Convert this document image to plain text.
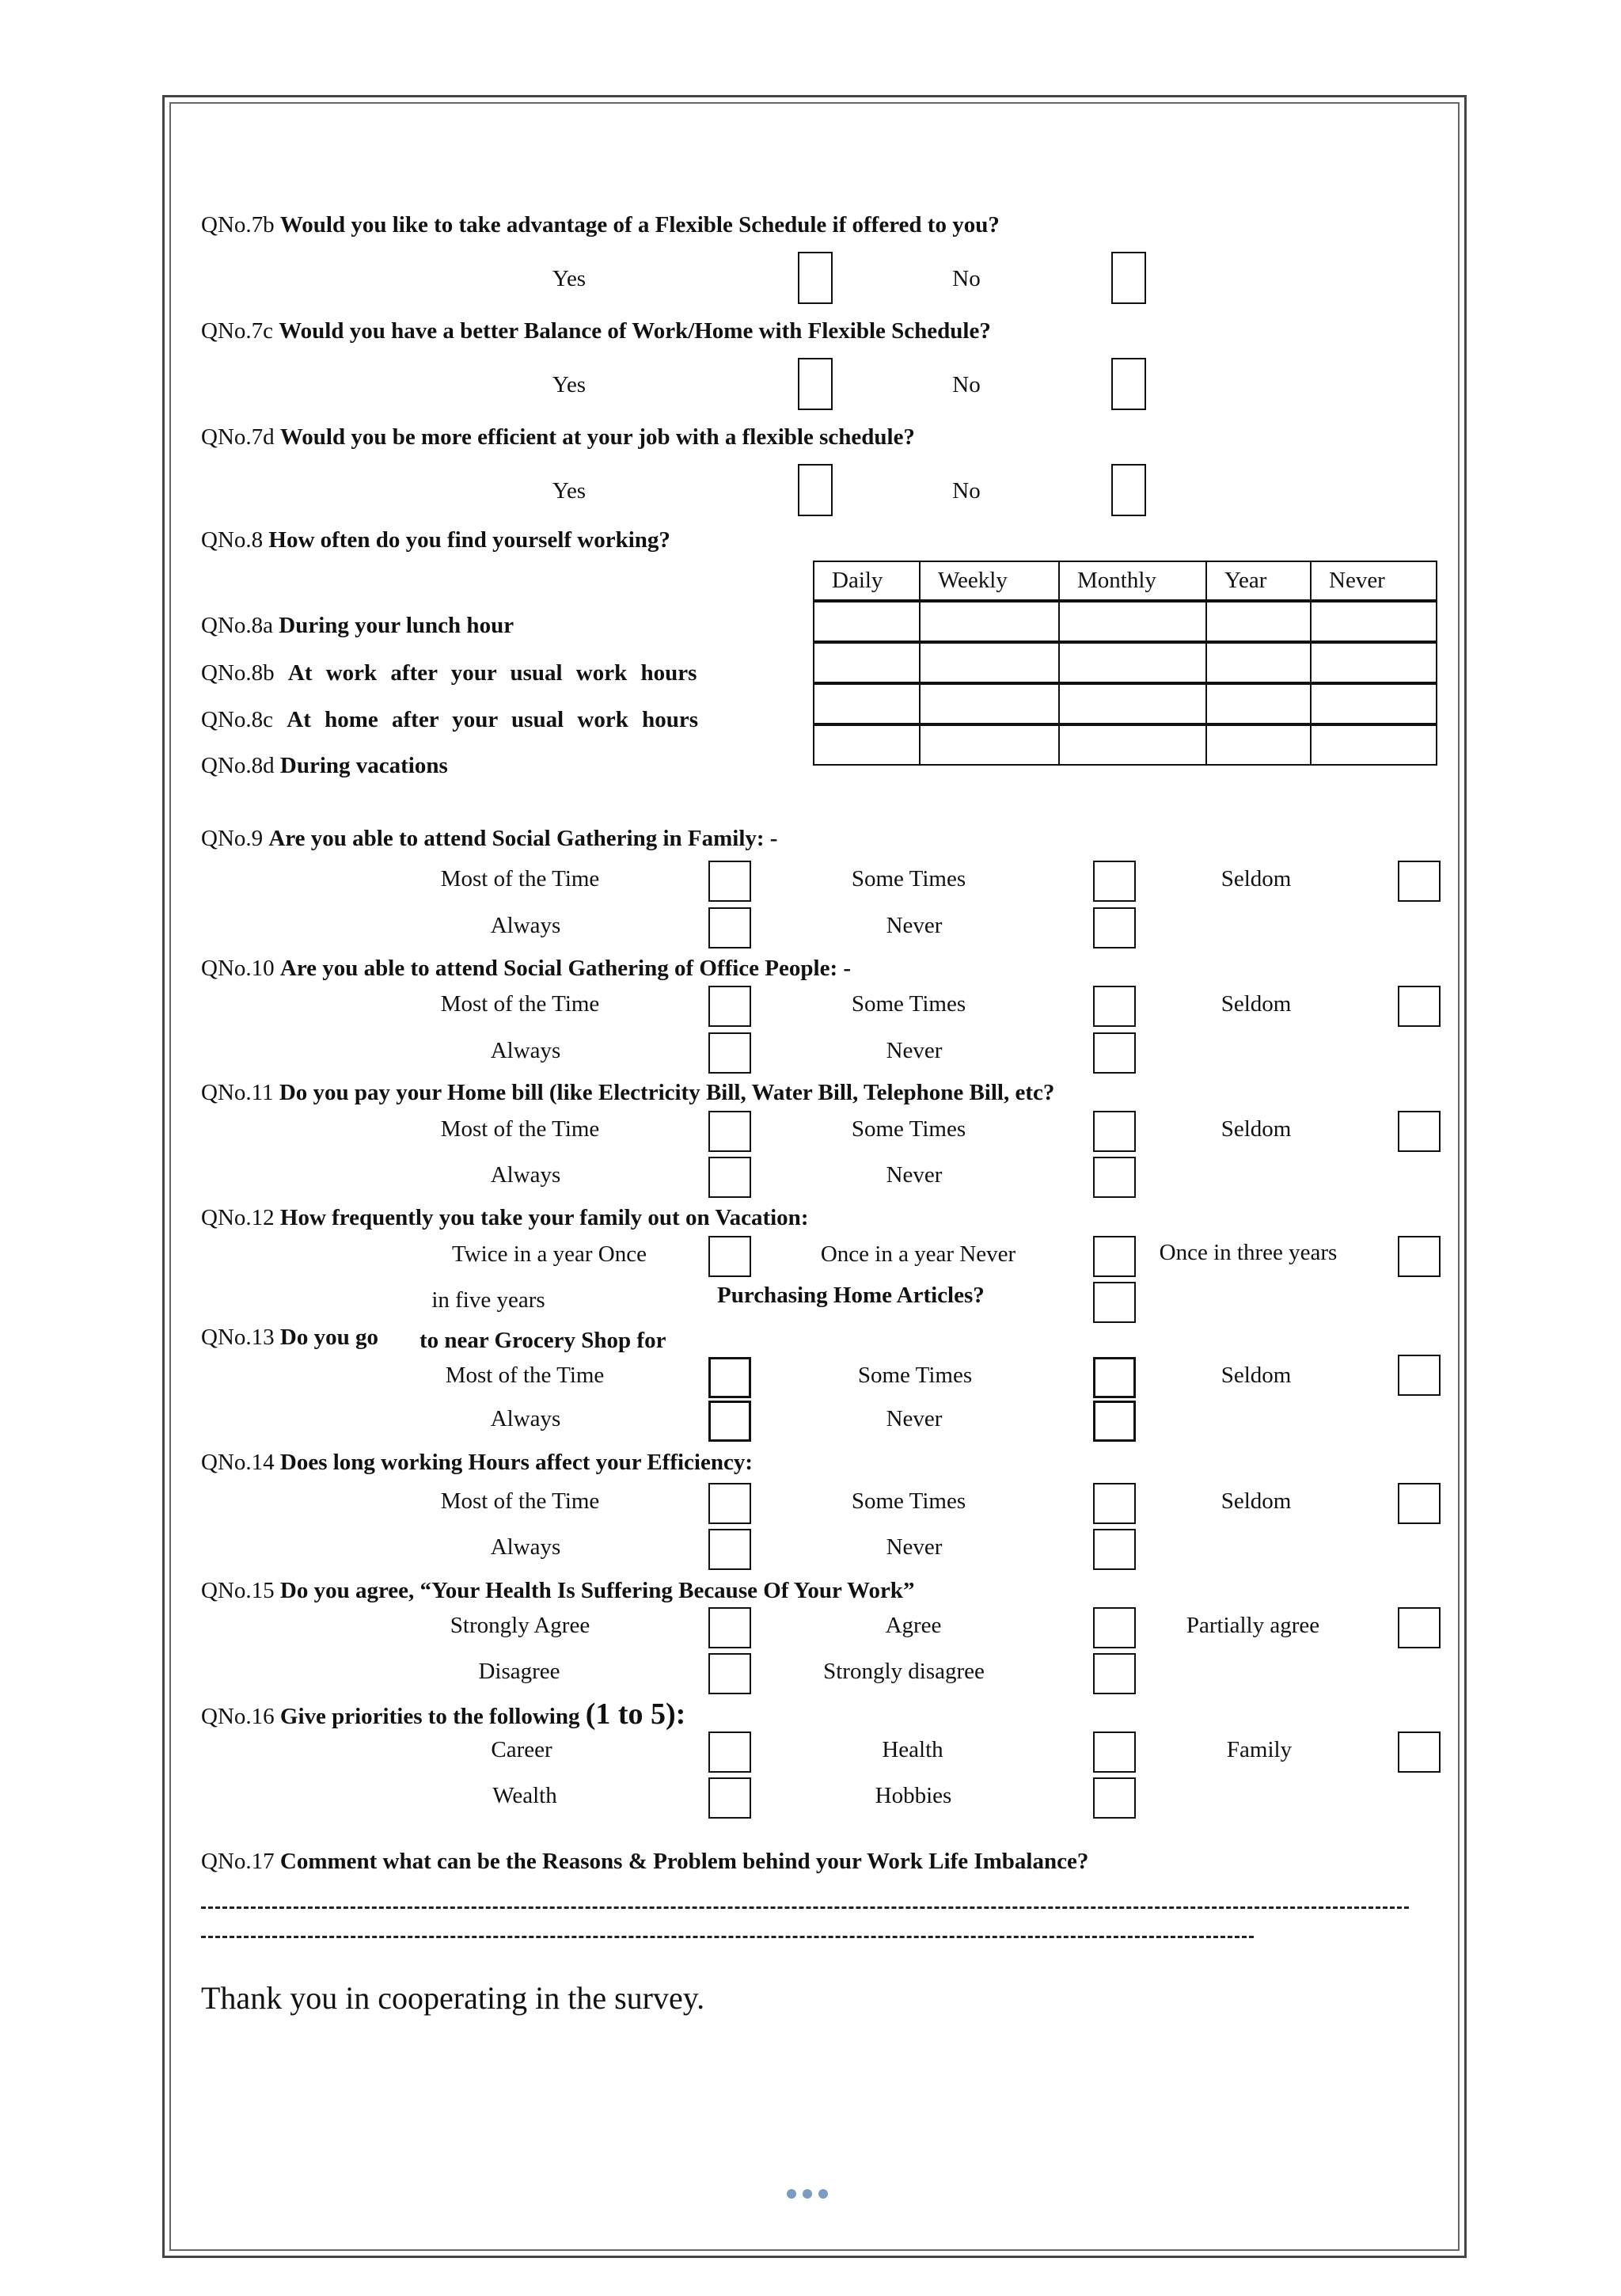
QNo.7b Would you like to take advantage of a Flexible Schedule if offered to you?
Yes	No
QNo.7c Would you have a better Balance of Work/Home with Flexible Schedule?
Yes	No
QNo.7d Would you be more efficient at your job with a flexible schedule?
Yes	No
QNo.8 How often do you find yourself working?
QNo.8a During your lunch hour
QNo.8b At work after your usual work hours
QNo.8c At home after your usual work hours
QNo.8d During vacations
Daily	Weekly	Monthly	Year	Never

QNo.9 Are you able to attend Social Gathering in Family: -
Most of the Time	Some Times	Seldom
Always	Never
QNo.10 Are you able to attend Social Gathering of Office People: -
Most of the Time	Some Times	Seldom
Always	Never
QNo.11 Do you pay your Home bill (like Electricity Bill, Water Bill, Telephone Bill, etc?
Most of the Time	Some Times	Seldom
Always	Never
QNo.12 How frequently you take your family out on Vacation:
Twice in a year Once	Once in a year Never	Once in three years
in five years	Purchasing Home Articles?
QNo.13 Do you go to near Grocery Shop for
Most of the Time	Some Times	Seldom
Always	Never
QNo.14 Does long working Hours affect your Efficiency:
Most of the Time	Some Times	Seldom
Always	Never
QNo.15 Do you agree, “Your Health Is Suffering Because Of Your Work”
Strongly Agree	Agree	Partially agree
Disagree	Strongly disagree
QNo.16 Give priorities to the following (1 to 5):
Career	Health	Family
Wealth	Hobbies
QNo.17 Comment what can be the Reasons & Problem behind your Work Life Imbalance?
Thank you in cooperating in the survey.
